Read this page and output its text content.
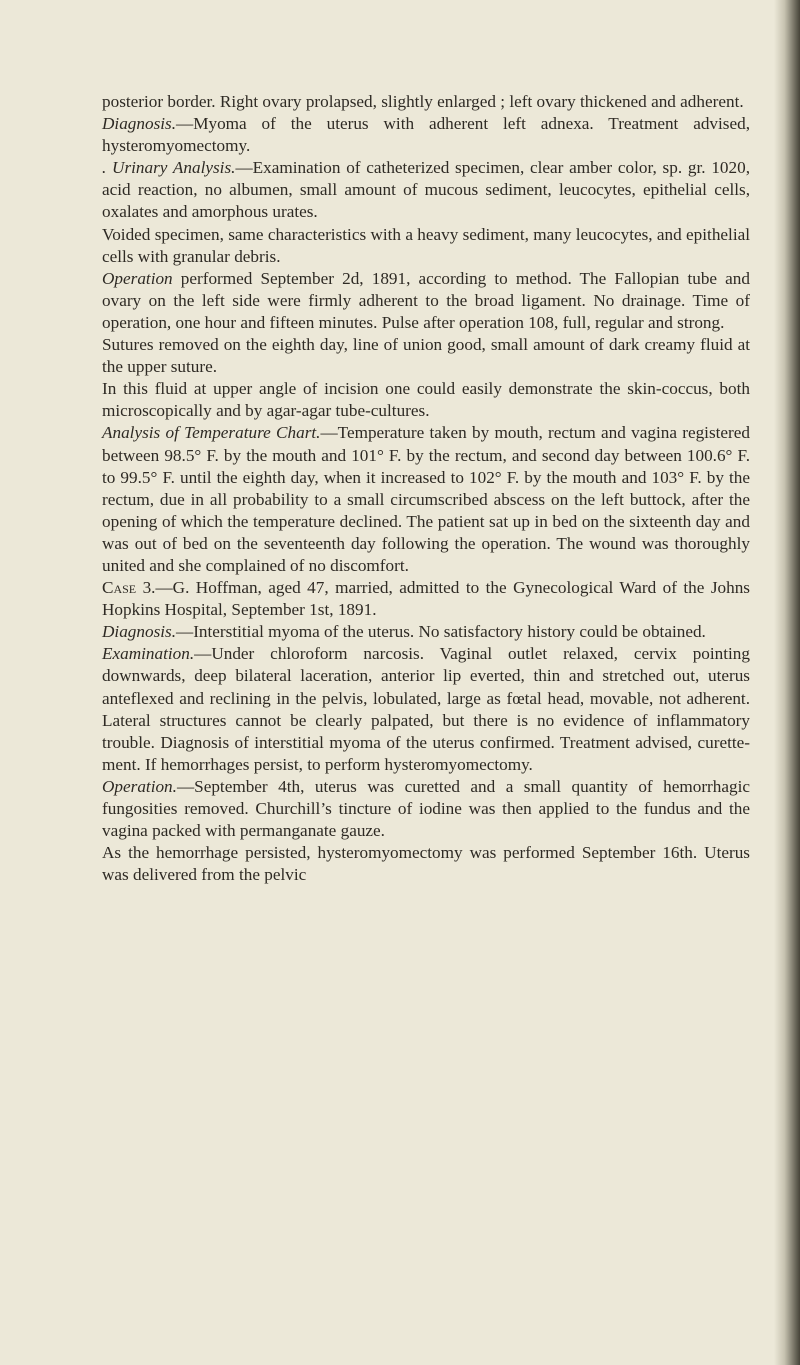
posterior border. Right ovary prolapsed, slightly enlarged ; left ovary thickened and adherent.

Diagnosis.—Myoma of the uterus with adherent left adnexa. Treatment advised, hysteromyomectomy.

. Urinary Analysis.—Examination of catheterized specimen, clear amber color, sp. gr. 1020, acid reaction, no albumen, small amount of mucous sediment, leucocytes, epithelial cells, oxalates and amorphous urates.

Voided specimen, same characteristics with a heavy sediment, many leucocytes, and epithelial cells with granular debris.

Operation performed September 2d, 1891, according to method. The Fallopian tube and ovary on the left side were firmly adherent to the broad ligament. No drainage. Time of operation, one hour and fifteen minutes. Pulse after operation 108, full, regular and strong.

Sutures removed on the eighth day, line of union good, small amount of dark creamy fluid at the upper suture.

In this fluid at upper angle of incision one could easily demonstrate the skin-coccus, both microscopically and by agar-agar tube-cultures.

Analysis of Temperature Chart.—Temperature taken by mouth, rectum and vagina registered between 98.5° F. by the mouth and 101° F. by the rectum, and second day between 100.6° F. to 99.5° F. until the eighth day, when it increased to 102° F. by the mouth and 103° F. by the rectum, due in all probability to a small circumscribed abscess on the left buttock, after the opening of which the temperature declined. The patient sat up in bed on the sixteenth day and was out of bed on the seventeenth day following the operation. The wound was thoroughly united and she complained of no discomfort.

Case 3.—G. Hoffman, aged 47, married, admitted to the Gynecological Ward of the Johns Hopkins Hospital, September 1st, 1891.

Diagnosis.—Interstitial myoma of the uterus. No satisfactory history could be obtained.

Examination.—Under chloroform narcosis. Vaginal outlet relaxed, cervix pointing downwards, deep bilateral laceration, anterior lip everted, thin and stretched out, uterus anteflexed and reclining in the pelvis, lobulated, large as fœtal head, movable, not adherent. Lateral structures cannot be clearly palpated, but there is no evidence of inflammatory trouble. Diagnosis of interstitial myoma of the uterus confirmed. Treatment advised, curettement. If hemorrhages persist, to perform hysteromyomectomy.

Operation.—September 4th, uterus was curetted and a small quantity of hemorrhagic fungosities removed. Churchill’s tincture of iodine was then applied to the fundus and the vagina packed with permanganate gauze.

As the hemorrhage persisted, hysteromyomectomy was performed September 16th. Uterus was delivered from the pelvic
